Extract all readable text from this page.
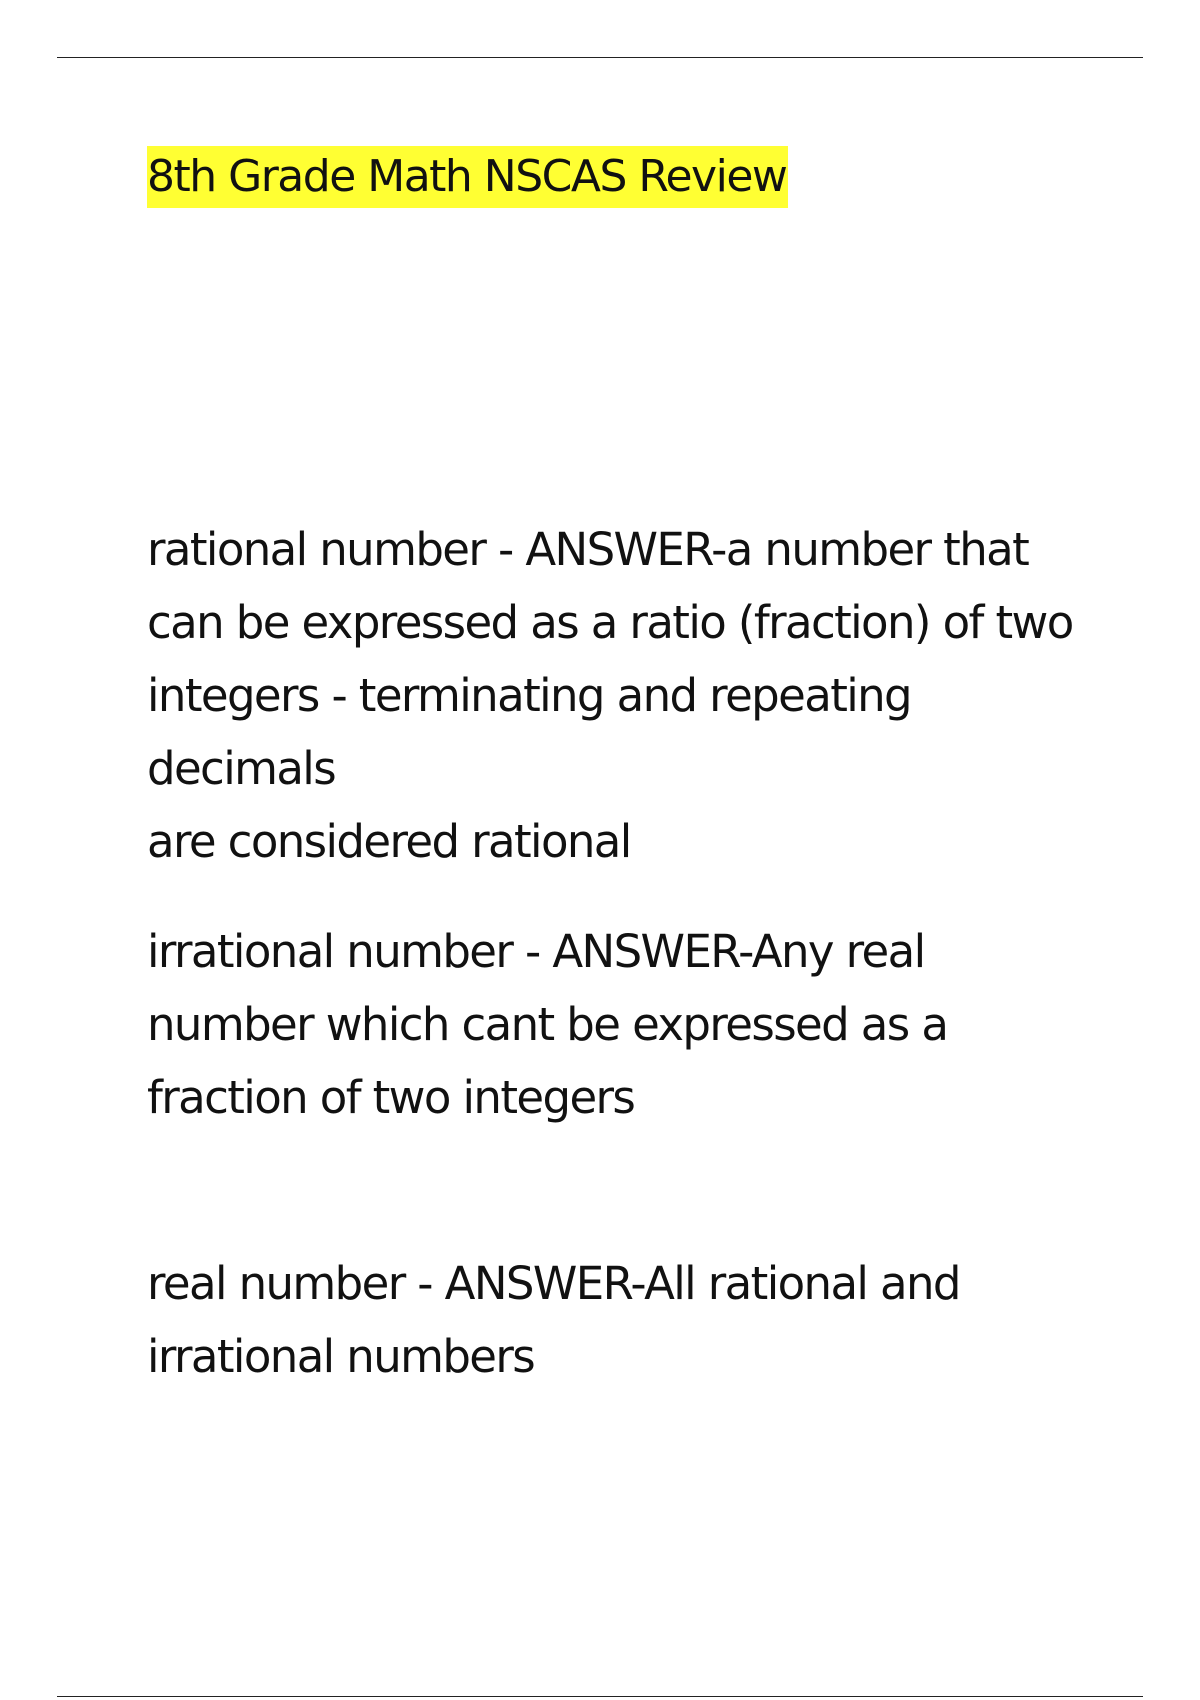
8th Grade Math NSCAS Review
rational number - ANSWER-a number that
can be expressed as a ratio (fraction) of two
integers - terminating and repeating decimals
are considered rational
irrational number - ANSWER-Any real
number which cant be expressed as a
fraction of two integers
real number - ANSWER-All rational and
irrational numbers
